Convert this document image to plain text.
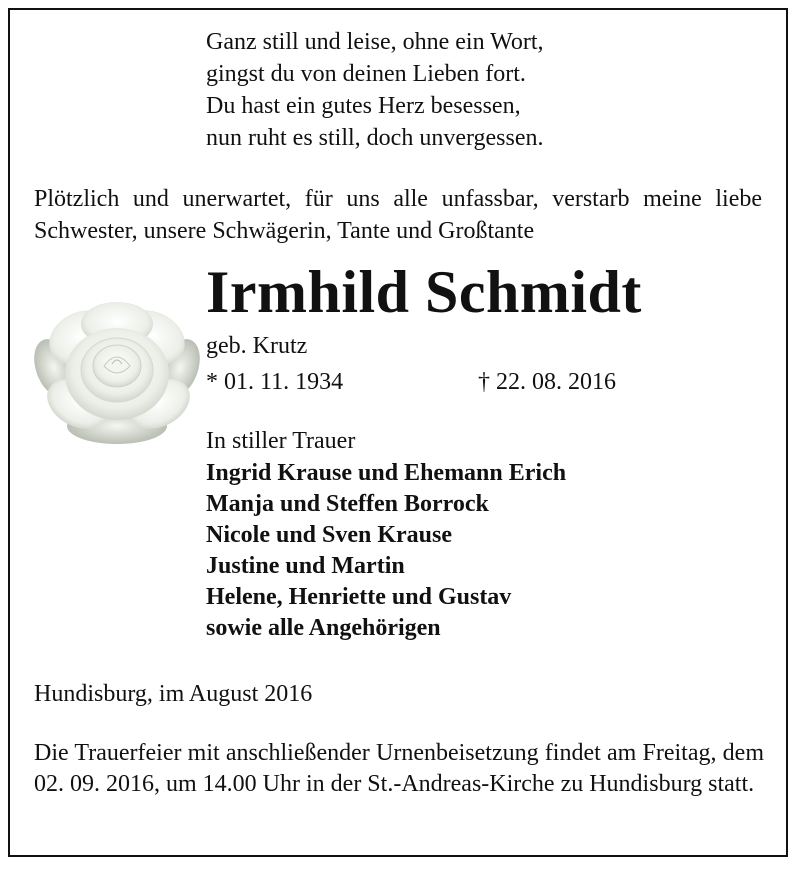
Ganz still und leise, ohne ein Wort,
gingst du von deinen Lieben fort.
Du hast ein gutes Herz besessen,
nun ruht es still, doch unvergessen.
Plötzlich und unerwartet, für uns alle unfassbar, verstarb meine liebe Schwester, unsere Schwägerin, Tante und Großtante
Irmhild Schmidt
geb. Krutz
* 01. 11. 1934	† 22. 08. 2016
In stiller Trauer
Ingrid Krause und Ehemann Erich
Manja und Steffen Borrock
Nicole und Sven Krause
Justine und Martin
Helene, Henriette und Gustav
sowie alle Angehörigen
Hundisburg, im August 2016
Die Trauerfeier mit anschließender Urnenbeisetzung findet am Freitag, dem 02. 09. 2016, um 14.00 Uhr in der St.-Andreas-Kirche zu Hundisburg statt.
